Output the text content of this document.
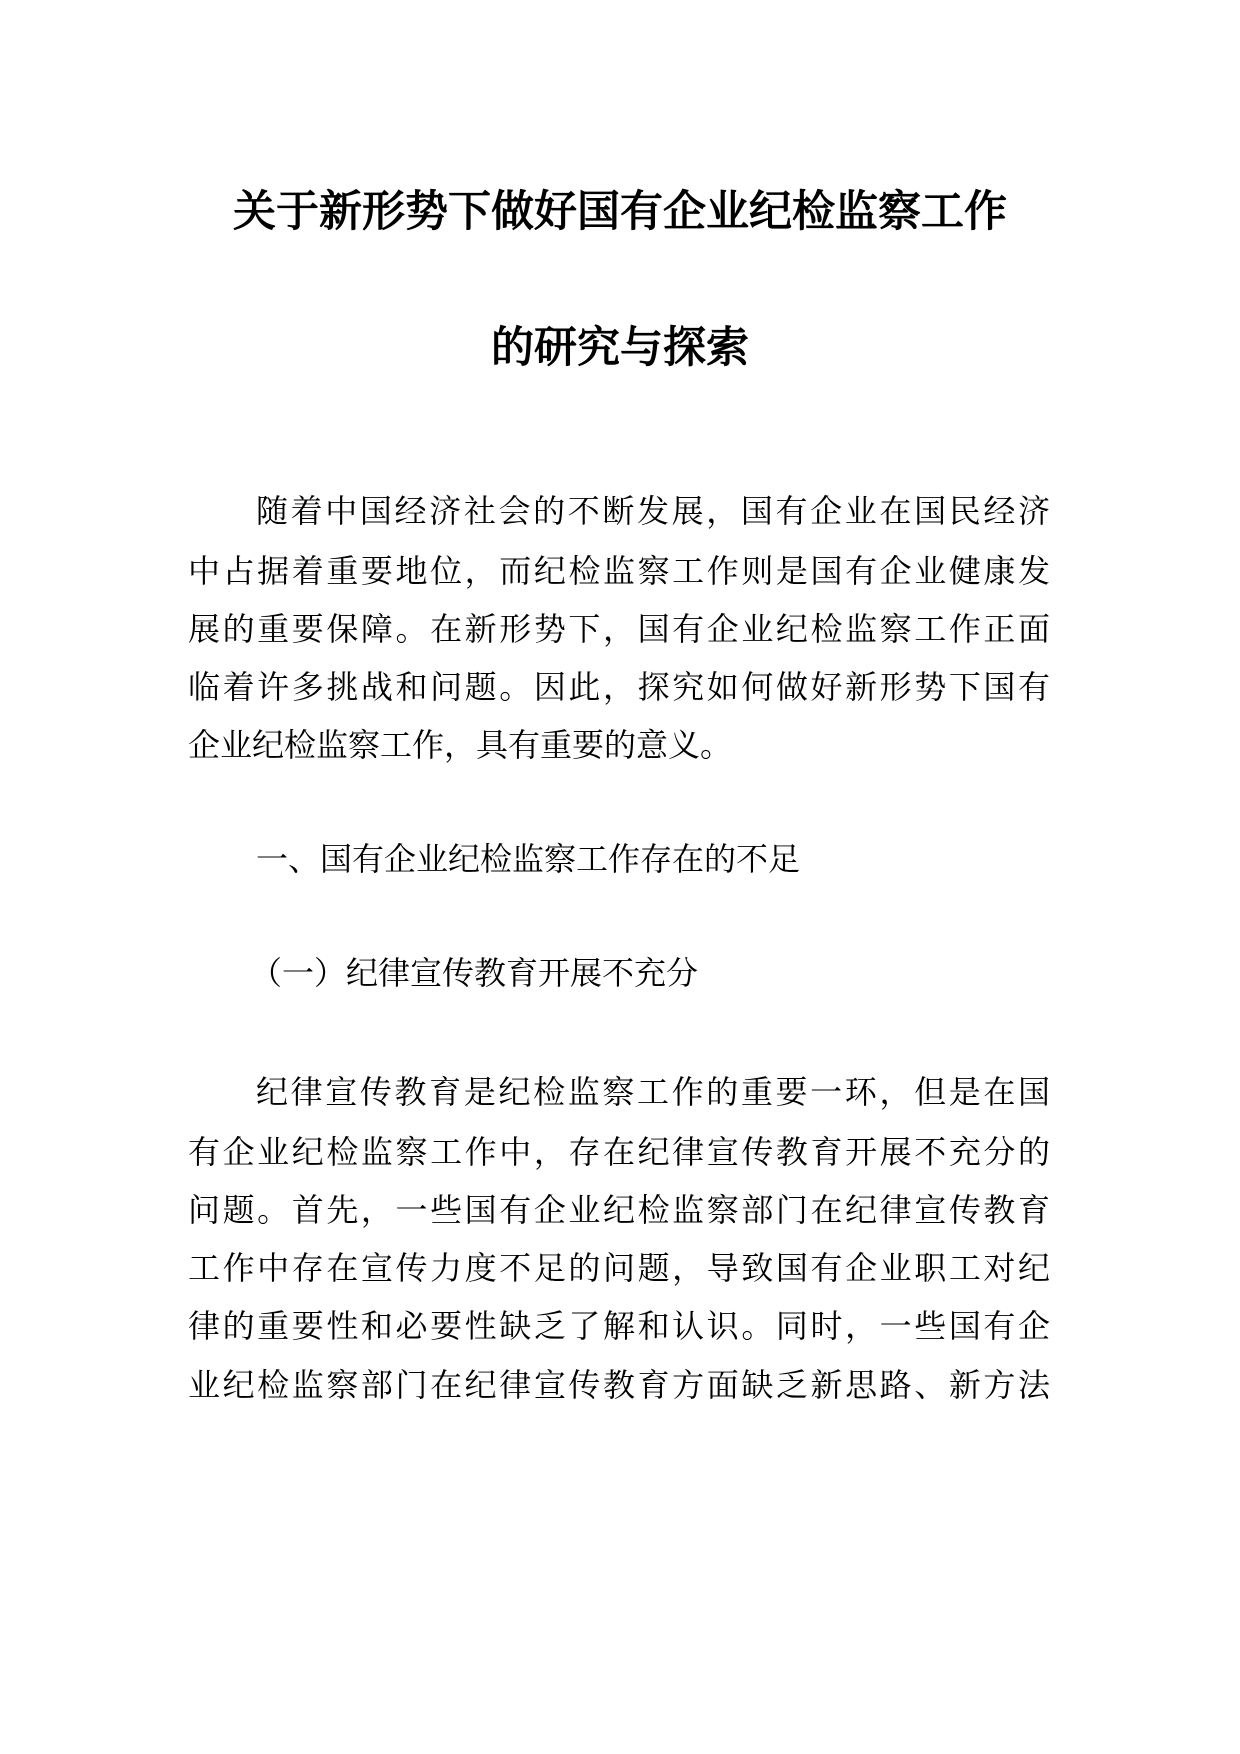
关于新形势下做好国有企业纪检监察工作
的研究与探索
随着中国经济社会的不断发展，国有企业在国民经济
中占据着重要地位，而纪检监察工作则是国有企业健康发
展的重要保障。在新形势下，国有企业纪检监察工作正面
临着许多挑战和问题。因此，探究如何做好新形势下国有
企业纪检监察工作，具有重要的意义。
一、国有企业纪检监察工作存在的不足
（一）纪律宣传教育开展不充分
纪律宣传教育是纪检监察工作的重要一环，但是在国
有企业纪检监察工作中，存在纪律宣传教育开展不充分的
问题。首先，一些国有企业纪检监察部门在纪律宣传教育
工作中存在宣传力度不足的问题，导致国有企业职工对纪
律的重要性和必要性缺乏了解和认识。同时，一些国有企
业纪检监察部门在纪律宣传教育方面缺乏新思路、新方法
